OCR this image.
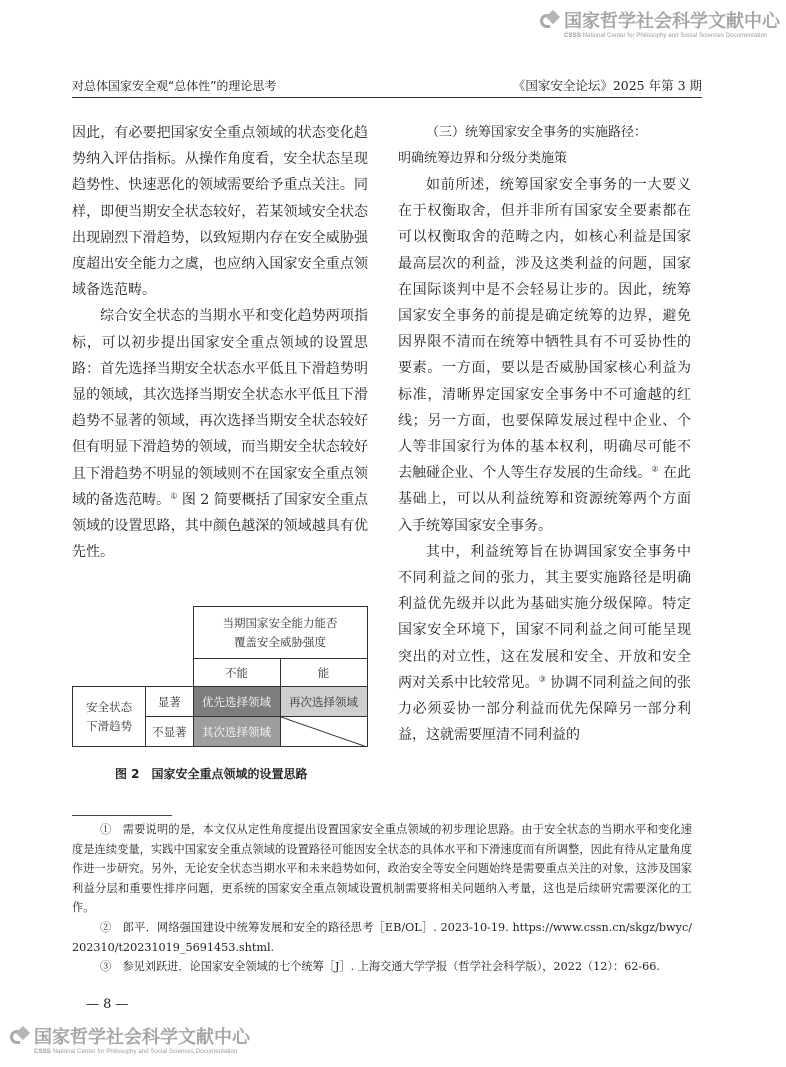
国家哲学社会科学文献中心
CSSS National Center for Philosophy and Social Sciences Documentation
对总体国家安全观“总体性”的理论思考	《国家安全论坛》2025 年第 3 期

因此，有必要把国家安全重点领域的状态变化趋势纳入评估指标。从操作角度看，安全状态呈现趋势性、快速恶化的领域需要给予重点关注。同样，即便当期安全状态较好，若某领域安全状态出现剧烈下滑趋势，以致短期内存在安全威胁强度超出安全能力之虞，也应纳入国家安全重点领域备选范畴。

综合安全状态的当期水平和变化趋势两项指标，可以初步提出国家安全重点领域的设置思路：首先选择当期安全状态水平低且下滑趋势明显的领域，其次选择当期安全状态水平低且下滑趋势不显著的领域，再次选择当期安全状态较好但有明显下滑趋势的领域，而当期安全状态较好且下滑趋势不明显的领域则不在国家安全重点领域的备选范畴。① 图 2 简要概括了国家安全重点领域的设置思路，其中颜色越深的领域越具有优先性。

		当期国家安全能力能否
覆盖安全威胁强度	

		不能	能

安全状态
下滑趋势	显著	优先选择领域	再次选择领域
	不显著	其次选择领域	
图 2　国家安全重点领域的设置思路
（三）统筹国家安全事务的实施路径：
明确统筹边界和分级分类施策

如前所述，统筹国家安全事务的一大要义在于权衡取舍，但并非所有国家安全要素都在可以权衡取舍的范畴之内，如核心利益是国家最高层次的利益，涉及这类利益的问题，国家在国际谈判中是不会轻易让步的。因此，统筹国家安全事务的前提是确定统筹的边界，避免因界限不清而在统筹中牺牲具有不可妥协性的要素。一方面，要以是否威胁国家核心利益为标准，清晰界定国家安全事务中不可逾越的红线；另一方面，也要保障发展过程中企业、个人等非国家行为体的基本权利，明确尽可能不去触碰企业、个人等生存发展的生命线。② 在此基础上，可以从利益统筹和资源统筹两个方面入手统筹国家安全事务。

其中，利益统筹旨在协调国家安全事务中不同利益之间的张力，其主要实施路径是明确利益优先级并以此为基础实施分级保障。特定国家安全环境下，国家不同利益之间可能呈现突出的对立性，这在发展和安全、开放和安全两对关系中比较常见。③ 协调不同利益之间的张力必须妥协一部分利益而优先保障另一部分利益，这就需要厘清不同利益的

①　需要说明的是，本文仅从定性角度提出设置国家安全重点领域的初步理论思路。由于安全状态的当期水平和变化速度是连续变量，实践中国家安全重点领域的设置路径可能因安全状态的具体水平和下滑速度而有所调整，因此有待从定量角度作进一步研究。另外，无论安全状态当期水平和未来趋势如何，政治安全等安全问题始终是需要重点关注的对象，这涉及国家利益分层和重要性排序问题，更系统的国家安全重点领域设置机制需要将相关问题纳入考量，这也是后续研究需要深化的工作。

②　郎平．网络强国建设中统筹发展和安全的路径思考［EB/OL］. 2023-10-19. https://www.cssn.cn/skgz/bwyc/202310/t20231019_5691453.shtml.

③　参见刘跃进．论国家安全领域的七个统筹［J］. 上海交通大学学报（哲学社会科学版），2022（12）：62-66.

— 8 —
国家哲学社会科学文献中心
CSSS National Center for Philosophy and Social Sciences Documentation
